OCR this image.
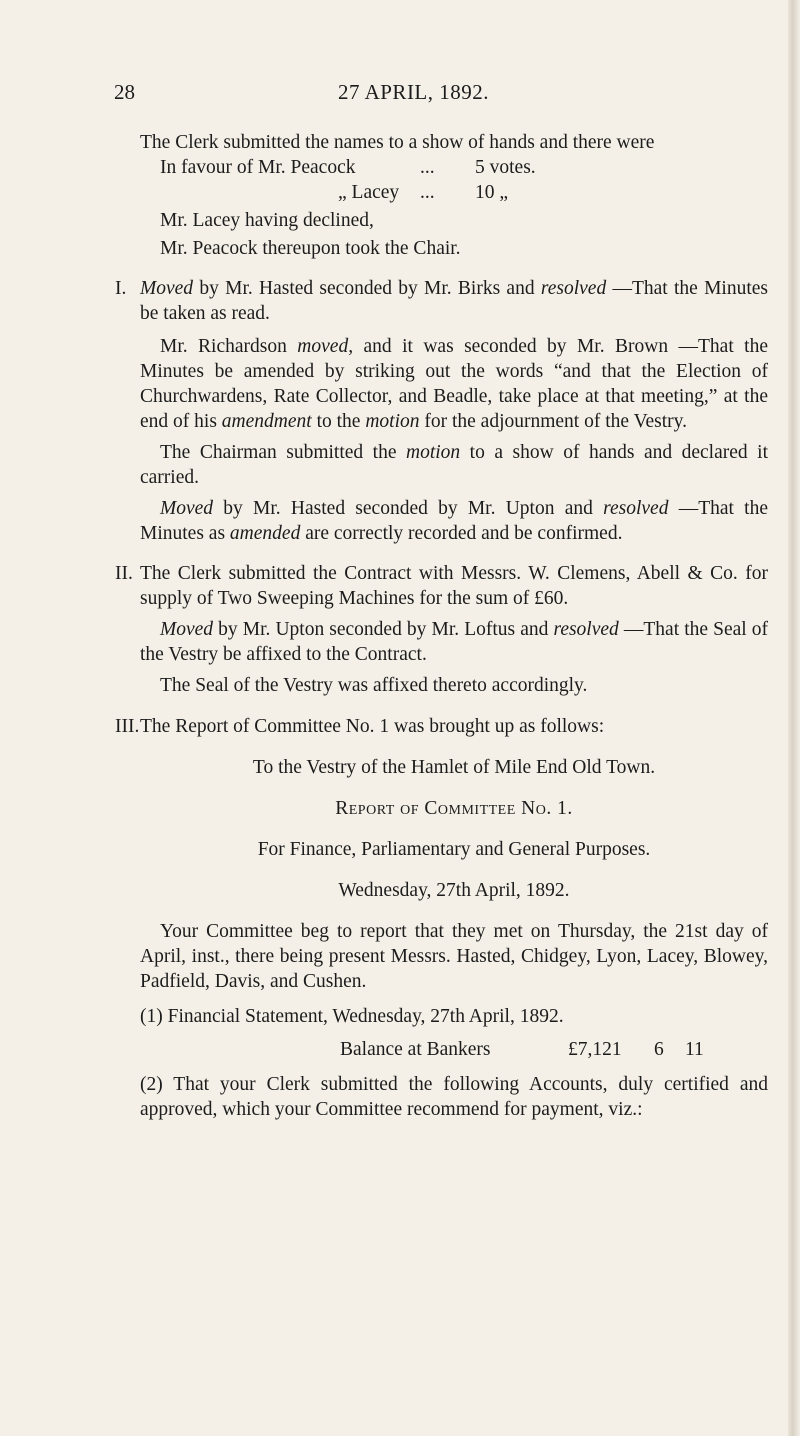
28	27 APRIL, 1892.

The Clerk submitted the names to a show of hands and there were

In favour of Mr. Peacock	... 5 votes.
„ Lacey ... 10 „

Mr. Lacey having declined,

Mr. Peacock thereupon took the Chair.

I. Moved by Mr. Hasted seconded by Mr. Birks and resolved —That the Minutes be taken as read.

Mr. Richardson moved, and it was seconded by Mr. Brown —That the Minutes be amended by striking out the words “and that the Election of Churchwardens, Rate Collector, and Beadle, take place at that meeting,” at the end of his amendment to the motion for the adjournment of the Vestry.

The Chairman submitted the motion to a show of hands and declared it carried.

Moved by Mr. Hasted seconded by Mr. Upton and resolved —That the Minutes as amended are correctly recorded and be confirmed.

II. The Clerk submitted the Contract with Messrs. W. Clemens, Abell & Co. for supply of Two Sweeping Machines for the sum of £60.

Moved by Mr. Upton seconded by Mr. Loftus and resolved —That the Seal of the Vestry be affixed to the Contract.

The Seal of the Vestry was affixed thereto accordingly.

III. The Report of Committee No. 1 was brought up as follows:

To the Vestry of the Hamlet of Mile End Old Town.

Report of Committee No. 1.

For Finance, Parliamentary and General Purposes.

Wednesday, 27th April, 1892.

Your Committee beg to report that they met on Thursday, the 21st day of April, inst., there being present Messrs. Hasted, Chidgey, Lyon, Lacey, Blowey, Padfield, Davis, and Cushen.

(1) Financial Statement, Wednesday, 27th April, 1892.

Balance at Bankers	£7,121 6 11

(2) That your Clerk submitted the following Accounts, duly certified and approved, which your Committee recommend for payment, viz.:
